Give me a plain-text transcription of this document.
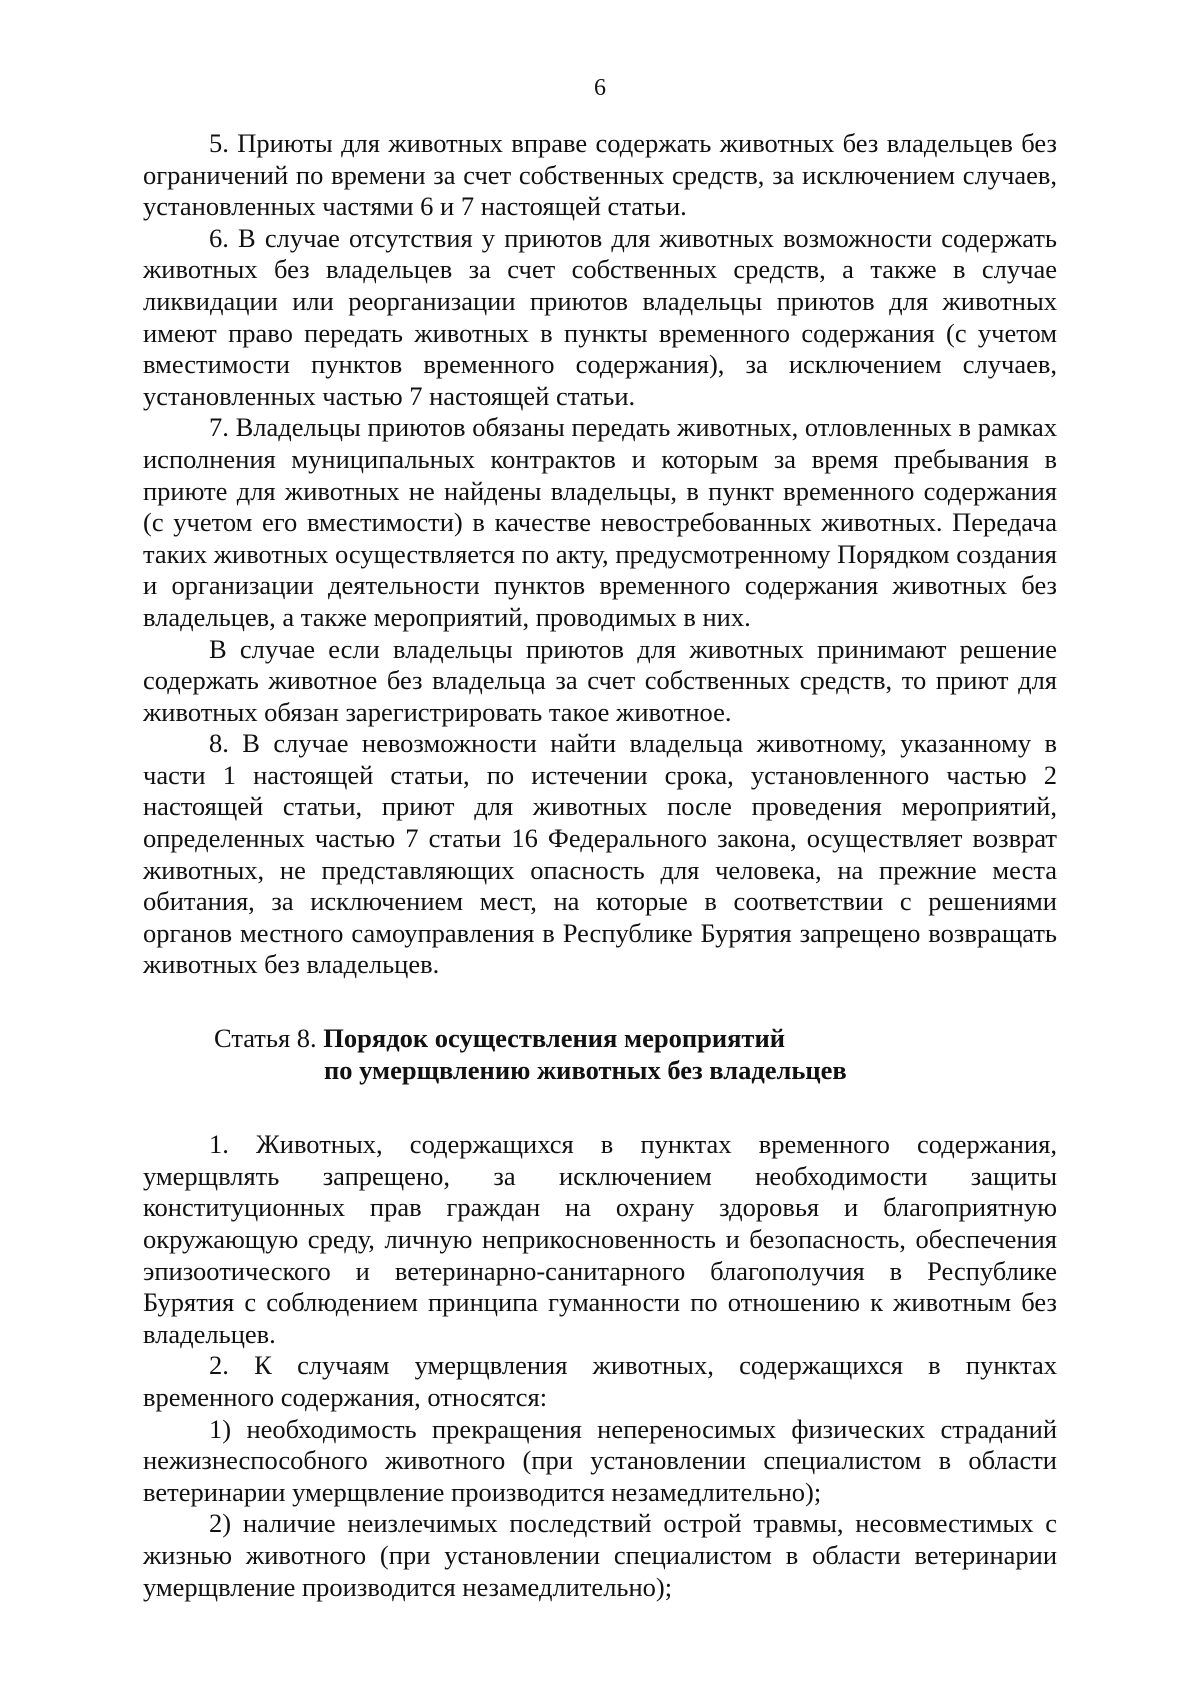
6

5. Приюты для животных вправе содержать животных без владельцев без ограничений по времени за счет собственных средств, за исключением случаев, установленных частями 6 и 7 настоящей статьи.

6. В случае отсутствия у приютов для животных возможности содержать животных без владельцев за счет собственных средств, а также в случае ликвидации или реорганизации приютов владельцы приютов для животных имеют право передать животных в пункты временного содержания (с учетом вместимости пунктов временного содержания), за исключением случаев, установленных частью 7 настоящей статьи.

7. Владельцы приютов обязаны передать животных, отловленных в рамках исполнения муниципальных контрактов и которым за время пребывания в приюте для животных не найдены владельцы, в пункт временного содержания (с учетом его вместимости) в качестве невостребованных животных. Передача таких животных осуществляется по акту, предусмотренному Порядком создания и организации деятельности пунктов временного содержания животных без владельцев, а также мероприятий, проводимых в них.

В случае если владельцы приютов для животных принимают решение содержать животное без владельца за счет собственных средств, то приют для животных обязан зарегистрировать такое животное.

8. В случае невозможности найти владельца животному, указанному в части 1 настоящей статьи, по истечении срока, установленного частью 2 настоящей статьи, приют для животных после проведения мероприятий, определенных частью 7 статьи 16 Федерального закона, осуществляет возврат животных, не представляющих опасность для человека, на прежние места обитания, за исключением мест, на которые в соответствии с решениями органов местного самоуправления в Республике Бурятия запрещено возвращать животных без владельцев.

Статья 8. Порядок осуществления мероприятий
по умерщвлению животных без владельцев

1. Животных, содержащихся в пунктах временного содержания, умерщвлять запрещено, за исключением необходимости защиты конституционных прав граждан на охрану здоровья и благоприятную окружающую среду, личную неприкосновенность и безопасность, обеспечения эпизоотического и ветеринарно-санитарного благополучия в Республике Бурятия с соблюдением принципа гуманности по отношению к животным без владельцев.

2. К случаям умерщвления животных, содержащихся в пунктах временного содержания, относятся:

1) необходимость прекращения непереносимых физических страданий нежизнеспособного животного (при установлении специалистом в области ветеринарии умерщвление производится незамедлительно);

2) наличие неизлечимых последствий острой травмы, несовместимых с жизнью животного (при установлении специалистом в области ветеринарии умерщвление производится незамедлительно);
